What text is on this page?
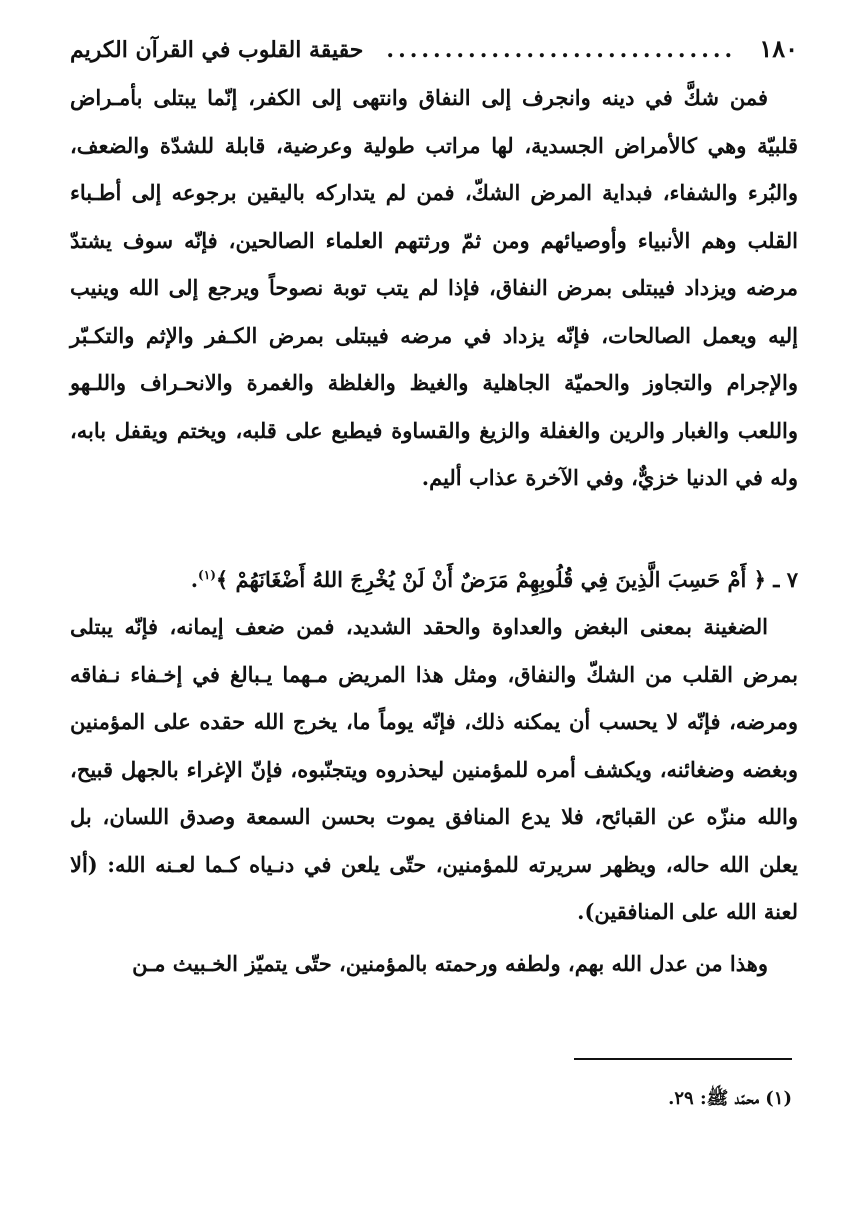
١٨٠
..............................
حقيقة القلوب في القرآن الكريم

فمن شكَّ في دينه وانجرف إلى النفاق وانتهى إلى الكفر، إنّما يبتلى بأمـراض قلبيّة وهي كالأمراض الجسدية، لها مراتب طولية وعرضية، قابلة للشدّة والضعف، والبُرء والشفاء، فبداية المرض الشكّ، فمن لم يتداركه باليقين برجوعه إلى أطـباء القلب وهم الأنبياء وأوصيائهم ومن ثمّ ورثتهم العلماء الصالحين، فإنّه سوف يشتدّ مرضه ويزداد فيبتلى بمرض النفاق، فإذا لم يتب توبة نصوحاً ويرجع إلى الله وينيب إليه ويعمل الصالحات، فإنّه يزداد في مرضه فيبتلى بمرض الكـفر والإثم والتكـبّر والإجرام والتجاوز والحميّة الجاهلية والغيظ والغلظة والغمرة والانحـراف واللـهو واللعب والغبار والرين والغفلة والزيغ والقساوة فيطبع على قلبه، ويختم ويقفل بابه، وله في الدنيا خزيٌّ، وفي الآخرة عذاب أليم.

٧ ـ ﴿ أَمْ حَسِبَ الَّذِينَ فِي قُلُوبِهِمْ مَرَضٌ أَنْ لَنْ يُخْرِجَ اللهُ أَضْغَانَهُمْ ﴾$^{(١)}$.

الضغينة بمعنى البغض والعداوة والحقد الشديد، فمن ضعف إيمانه، فإنّه يبتلى بمرض القلب من الشكّ والنفاق، ومثل هذا المريض مـهما يـبالغ في إخـفاء نـفاقه ومرضه، فإنّه لا يحسب أن يمكنه ذلك، فإنّه يوماً ما، يخرج الله حقده على المؤمنين وبغضه وضغائنه، ويكشف أمره للمؤمنين ليحذروه ويتجنّبوه، فإنّ الإغراء بالجهل قبيح، والله منزّه عن القبائح، فلا يدع المنافق يموت بحسن السمعة وصدق اللسان، بل يعلن الله حاله، ويظهر سريرته للمؤمنين، حتّى يلعن في دنـياه كـما لعـنه الله: (ألا لعنة الله على المنافقين).

وهذا من عدل الله بهم، ولطفه ورحمته بالمؤمنين، حتّى يتميّز الخـبيث مـن

(١) محمّد ﷺ: ٢٩.
